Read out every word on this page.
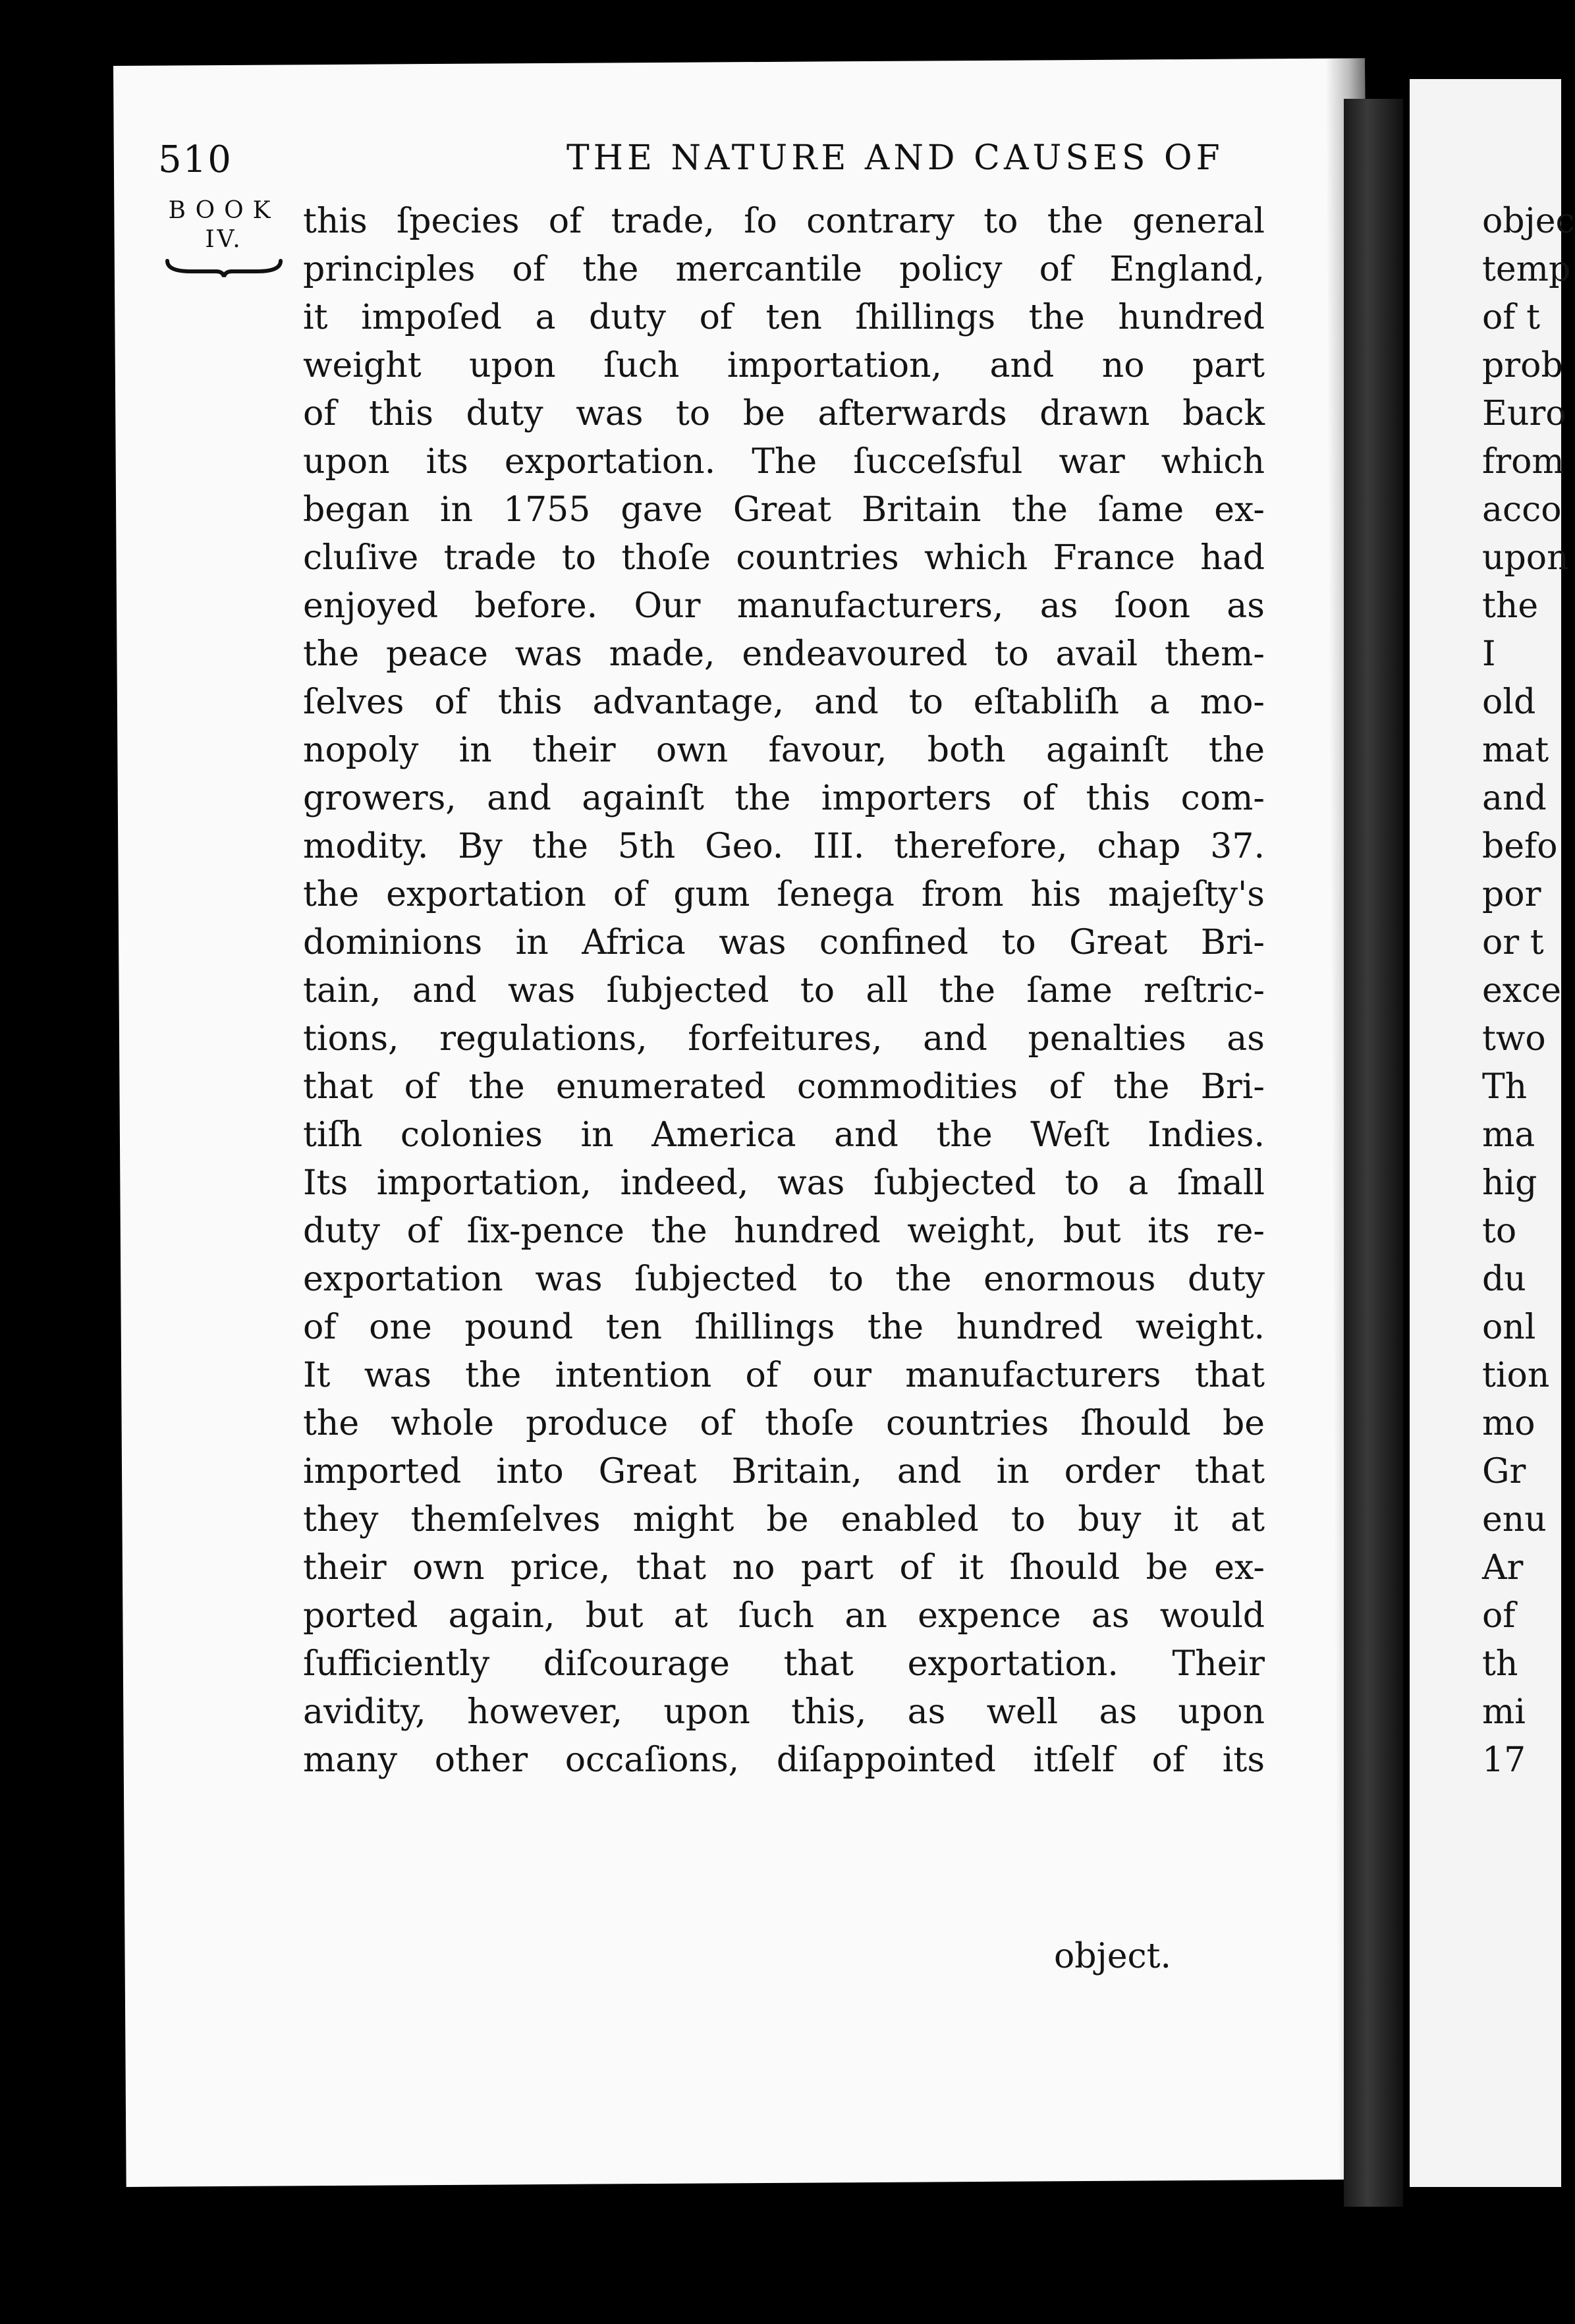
510	THE NATURE AND CAUSES OF
BOOK
IV.	this ſpecies of trade, ſo contrary to the general
principles of the mercantile policy of England,
it impoſed a duty of ten ſhillings the hundred
weight upon ſuch importation, and no part
of this duty was to be afterwards drawn back
upon its exportation. The ſucceſsful war which
began in 1755 gave Great Britain the ſame ex-
cluſive trade to thoſe countries which France had
enjoyed before. Our manufacturers, as ſoon as
the peace was made, endeavoured to avail them-
ſelves of this advantage, and to eſtabliſh a mo-
nopoly in their own favour, both againſt the
growers, and againſt the importers of this com-
modity. By the 5th Geo. III. therefore, chap 37.
the exportation of gum ſenega from his majeſty's
dominions in Africa was confined to Great Bri-
tain, and was ſubjected to all the ſame reſtric-
tions, regulations, forfeitures, and penalties as
that of the enumerated commodities of the Bri-
tiſh colonies in America and the Weſt Indies.
Its importation, indeed, was ſubjected to a ſmall
duty of ſix-pence the hundred weight, but its re-
exportation was ſubjected to the enormous duty
of one pound ten ſhillings the hundred weight.
It was the intention of our manufacturers that
the whole produce of thoſe countries ſhould be
imported into Great Britain, and in order that
they themſelves might be enabled to buy it at
their own price, that no part of it ſhould be ex-
ported again, but at ſuch an expence as would
ſufficiently diſcourage that exportation. Their
avidity, however, upon this, as well as upon
many other occaſions, diſappointed itſelf of its
object.
objec
temp
of t
prob
Euro
from
acco
upon
the
I
old
mat
and
befo
por
or t
exce
two
Th
ma
hig
to
du
onl
tion
mo
Gr
enu
Ar
of
th
mi
17
